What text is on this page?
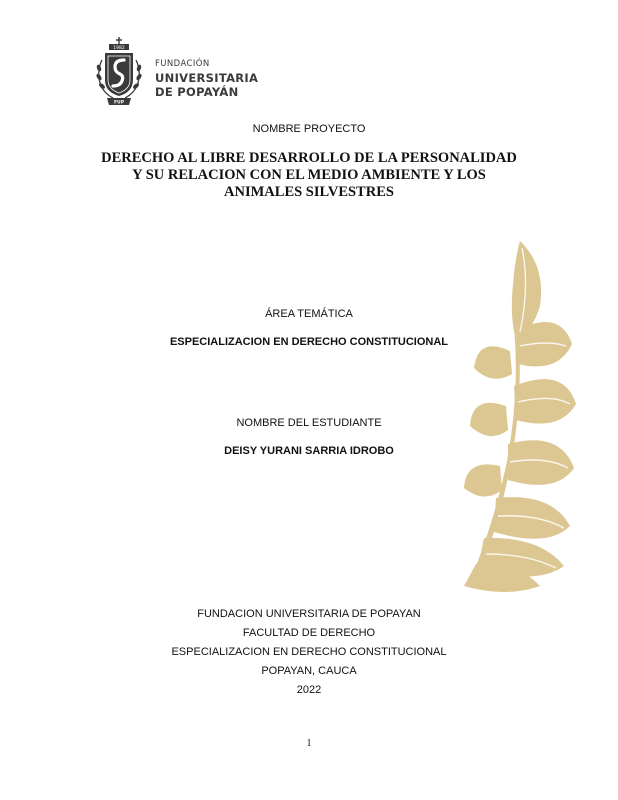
1982
FUP
FUNDACIÓN
UNIVERSITARIA
DE POPAYÁN
NOMBRE PROYECTO
DERECHO AL LIBRE DESARROLLO DE LA PERSONALIDAD
Y SU RELACION CON EL MEDIO AMBIENTE Y LOS
ANIMALES SILVESTRES
ÁREA TEMÁTICA
ESPECIALIZACION EN DERECHO CONSTITUCIONAL
NOMBRE DEL ESTUDIANTE
DEISY YURANI SARRIA IDROBO
FUNDACION UNIVERSITARIA DE POPAYAN
FACULTAD DE DERECHO
ESPECIALIZACION EN DERECHO CONSTITUCIONAL
POPAYAN, CAUCA
2022
1
